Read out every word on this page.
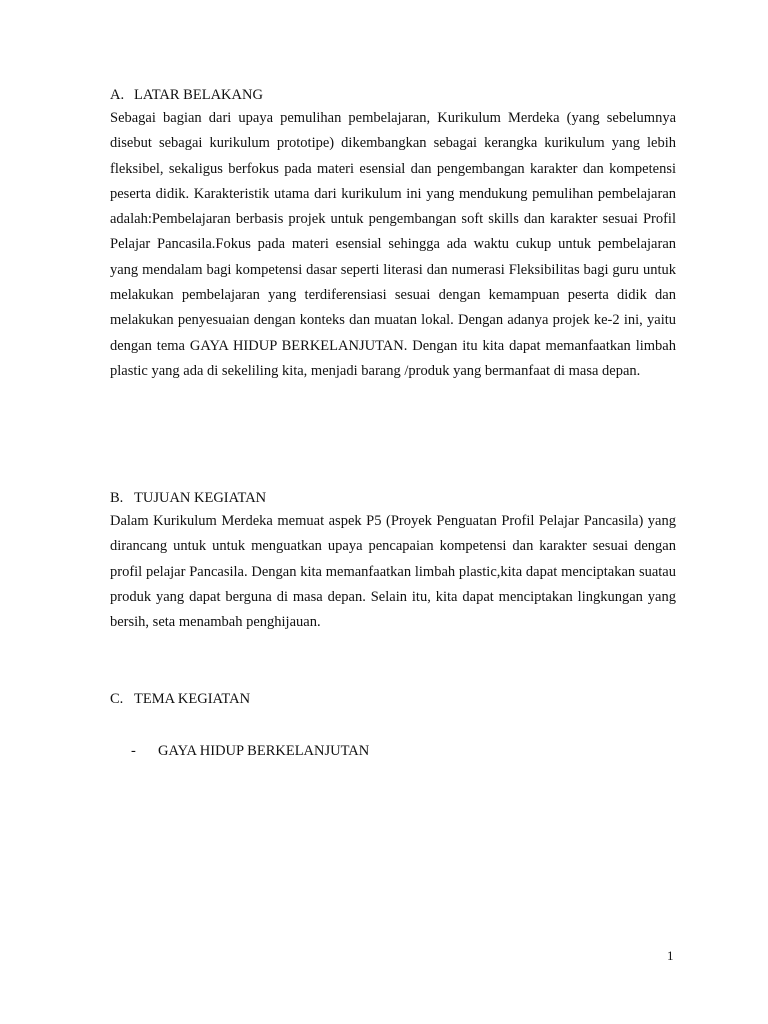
A. LATAR BELAKANG

Sebagai bagian dari upaya pemulihan pembelajaran, Kurikulum Merdeka (yang sebelumnya disebut sebagai kurikulum prototipe) dikembangkan sebagai kerangka kurikulum yang lebih fleksibel, sekaligus berfokus pada materi esensial dan pengembangan karakter dan kompetensi peserta didik. Karakteristik utama dari kurikulum ini yang mendukung pemulihan pembelajaran adalah:Pembelajaran berbasis projek untuk pengembangan soft skills dan karakter sesuai Profil Pelajar Pancasila.Fokus pada materi esensial sehingga ada waktu cukup untuk pembelajaran yang mendalam bagi kompetensi dasar seperti literasi dan numerasi Fleksibilitas bagi guru untuk melakukan pembelajaran yang terdiferensiasi sesuai dengan kemampuan peserta didik dan melakukan penyesuaian dengan konteks dan muatan lokal. Dengan adanya projek ke-2 ini, yaitu dengan tema GAYA HIDUP BERKELANJUTAN. Dengan itu kita dapat memanfaatkan limbah plastic yang ada di sekeliling kita, menjadi barang /produk yang bermanfaat di masa depan.

B. TUJUAN KEGIATAN

Dalam Kurikulum Merdeka memuat aspek P5 (Proyek Penguatan Profil Pelajar Pancasila) yang dirancang untuk untuk menguatkan upaya pencapaian kompetensi dan karakter sesuai dengan profil pelajar Pancasila. Dengan kita memanfaatkan limbah plastic,kita dapat menciptakan suatau produk yang dapat berguna di masa depan. Selain itu, kita dapat menciptakan lingkungan yang bersih, seta menambah penghijauan.

C. TEMA KEGIATAN
- GAYA HIDUP BERKELANJUTAN
1
